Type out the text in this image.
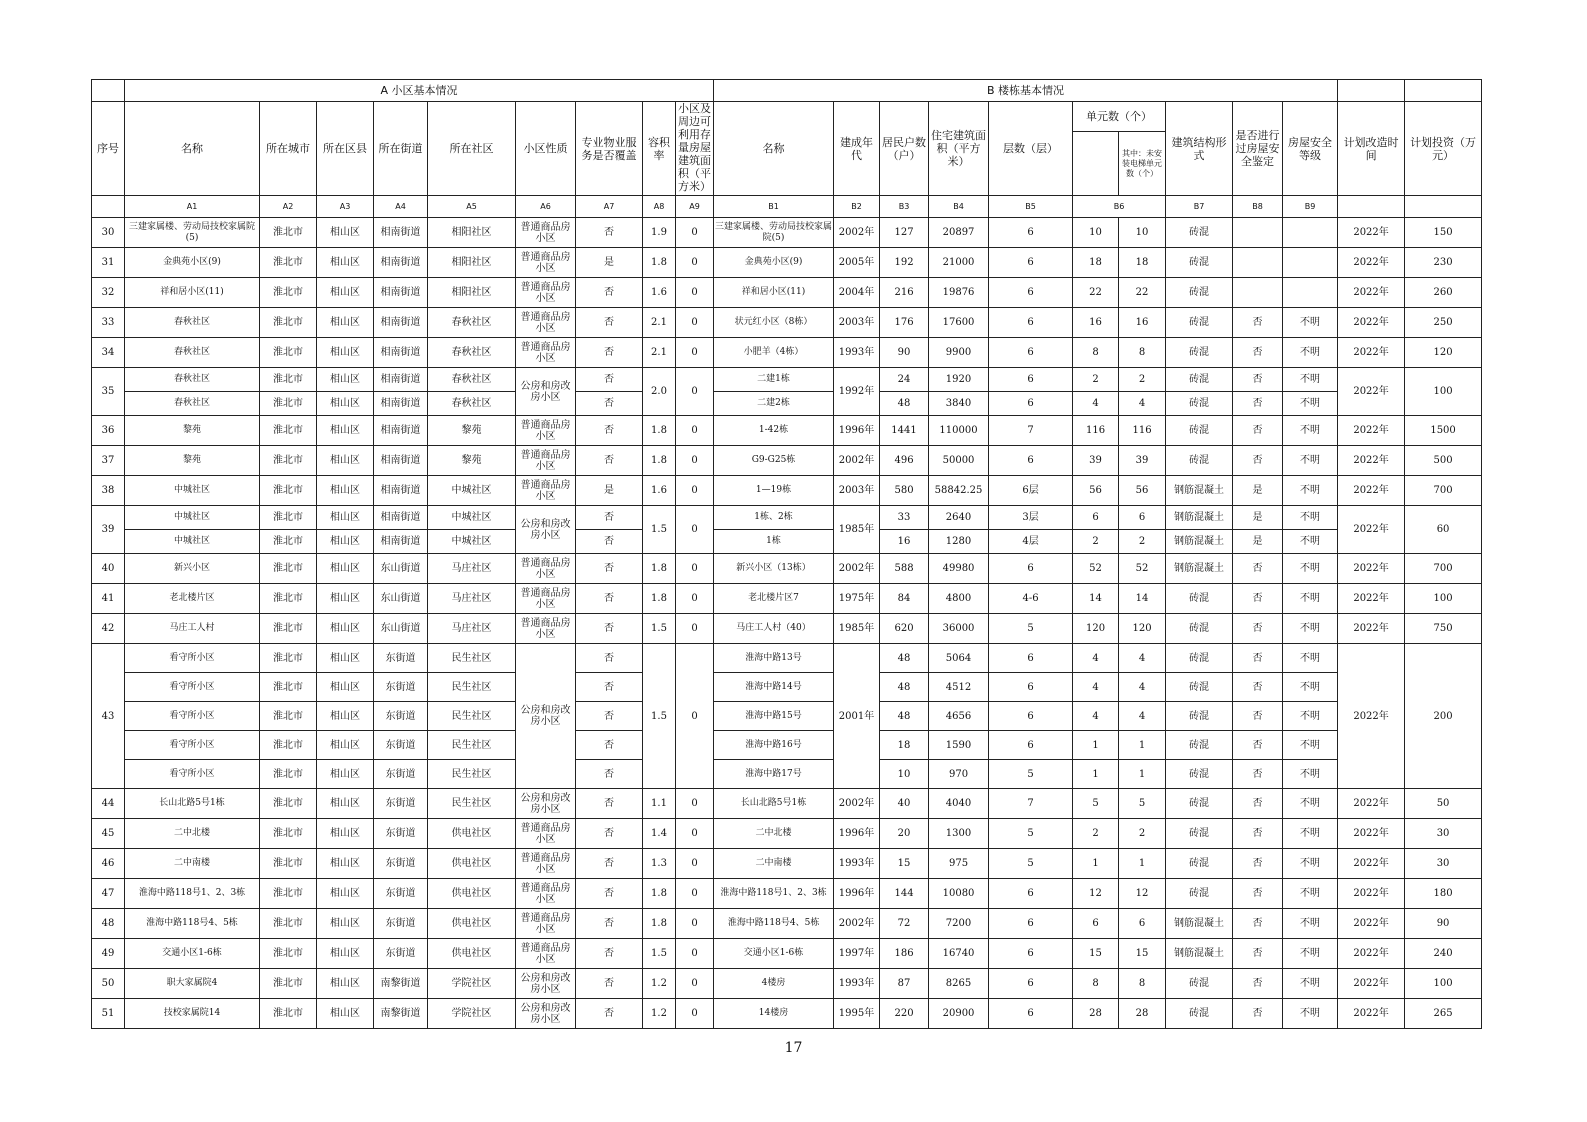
	A 小区基本情况									B 楼栋基本情况											
序号	名称	所在城市	所在区县	所在街道	所在社区	小区性质	专业物业服务是否覆盖	容积率	小区及周边可利用存量房屋建筑面积（平方米）	名称	建成年代	居民户数（户）	住宅建筑面积（平方米）	层数（层）	单元数（个）		建筑结构形式	是否进行过房屋安全鉴定	房屋安全等级	计划改造时间	计划投资（万元）
																其中：未安装电梯单元数（个）					
	A1	A2	A3	A4	A5	A6	A7	A8	A9	B1	B2	B3	B4	B5	B6		B7	B8	B9		
30	三建家属楼、劳动局技校家属院(5)	淮北市	相山区	相南街道	相阳社区	普通商品房小区	否	1.9	0	三建家属楼、劳动局技校家属院(5)	2002年	127	20897	6	10	10	砖混			2022年	150
31	金典苑小区(9)	淮北市	相山区	相南街道	相阳社区	普通商品房小区	是	1.8	0	金典苑小区(9)	2005年	192	21000	6	18	18	砖混			2022年	230
32	祥和居小区(11)	淮北市	相山区	相南街道	相阳社区	普通商品房小区	否	1.6	0	祥和居小区(11)	2004年	216	19876	6	22	22	砖混			2022年	260
33	春秋社区	淮北市	相山区	相南街道	春秋社区	普通商品房小区	否	2.1	0	状元红小区（8栋）	2003年	176	17600	6	16	16	砖混	否	不明	2022年	250
34	春秋社区	淮北市	相山区	相南街道	春秋社区	普通商品房小区	否	2.1	0	小肥羊（4栋）	1993年	90	9900	6	8	8	砖混	否	不明	2022年	120
35	春秋社区	淮北市	相山区	相南街道	春秋社区	公房和房改房小区	否	2.0	0	二建1栋	1992年	24	1920	6	2	2	砖混	否	不明	2022年	100
	春秋社区	淮北市	相山区	相南街道	春秋社区		否			二建2栋		48	3840	6	4	4	砖混	否	不明		
36	黎苑	淮北市	相山区	相南街道	黎苑	普通商品房小区	否	1.8	0	1-42栋	1996年	1441	110000	7	116	116	砖混	否	不明	2022年	1500
37	黎苑	淮北市	相山区	相南街道	黎苑	普通商品房小区	否	1.8	0	G9-G25栋	2002年	496	50000	6	39	39	砖混	否	不明	2022年	500
38	中城社区	淮北市	相山区	相南街道	中城社区	普通商品房小区	是	1.6	0	1—19栋	2003年	580	58842.25	6层	56	56	钢筋混凝土	是	不明	2022年	700
39	中城社区	淮北市	相山区	相南街道	中城社区	公房和房改房小区	否	1.5	0	1栋、2栋	1985年	33	2640	3层	6	6	钢筋混凝土	是	不明	2022年	60
	中城社区	淮北市	相山区	相南街道	中城社区		否			1栋		16	1280	4层	2	2	钢筋混凝土	是	不明		
40	新兴小区	淮北市	相山区	东山街道	马庄社区	普通商品房小区	否	1.8	0	新兴小区（13栋）	2002年	588	49980	6	52	52	钢筋混凝土	否	不明	2022年	700
41	老北楼片区	淮北市	相山区	东山街道	马庄社区	普通商品房小区	否	1.8	0	老北楼片区7	1975年	84	4800	4-6	14	14	砖混	否	不明	2022年	100
42	马庄工人村	淮北市	相山区	东山街道	马庄社区	普通商品房小区	否	1.5	0	马庄工人村（40）	1985年	620	36000	5	120	120	砖混	否	不明	2022年	750
43	看守所小区	淮北市	相山区	东街道	民生社区	公房和房改房小区	否	1.5	0	淮海中路13号	2001年	48	5064	6	4	4	砖混	否	不明	2022年	200
	看守所小区	淮北市	相山区	东街道	民生社区		否			淮海中路14号		48	4512	6	4	4	砖混	否	不明		
	看守所小区	淮北市	相山区	东街道	民生社区		否			淮海中路15号		48	4656	6	4	4	砖混	否	不明		
	看守所小区	淮北市	相山区	东街道	民生社区		否			淮海中路16号		18	1590	6	1	1	砖混	否	不明		
	看守所小区	淮北市	相山区	东街道	民生社区		否			淮海中路17号		10	970	5	1	1	砖混	否	不明		
44	长山北路5号1栋	淮北市	相山区	东街道	民生社区	公房和房改房小区	否	1.1	0	长山北路5号1栋	2002年	40	4040	7	5	5	砖混	否	不明	2022年	50
45	二中北楼	淮北市	相山区	东街道	供电社区	普通商品房小区	否	1.4	0	二中北楼	1996年	20	1300	5	2	2	砖混	否	不明	2022年	30
46	二中南楼	淮北市	相山区	东街道	供电社区	普通商品房小区	否	1.3	0	二中南楼	1993年	15	975	5	1	1	砖混	否	不明	2022年	30
47	淮海中路118号1、2、3栋	淮北市	相山区	东街道	供电社区	普通商品房小区	否	1.8	0	淮海中路118号1、2、3栋	1996年	144	10080	6	12	12	砖混	否	不明	2022年	180
48	淮海中路118号4、5栋	淮北市	相山区	东街道	供电社区	普通商品房小区	否	1.8	0	淮海中路118号4、5栋	2002年	72	7200	6	6	6	钢筋混凝土	否	不明	2022年	90
49	交通小区1-6栋	淮北市	相山区	东街道	供电社区	普通商品房小区	否	1.5	0	交通小区1-6栋	1997年	186	16740	6	15	15	钢筋混凝土	否	不明	2022年	240
50	职大家属院4	淮北市	相山区	南黎街道	学院社区	公房和房改房小区	否	1.2	0	4楼房	1993年	87	8265	6	8	8	砖混	否	不明	2022年	100
51	技校家属院14	淮北市	相山区	南黎街道	学院社区	公房和房改房小区	否	1.2	0	14楼房	1995年	220	20900	6	28	28	砖混	否	不明	2022年	265
17
